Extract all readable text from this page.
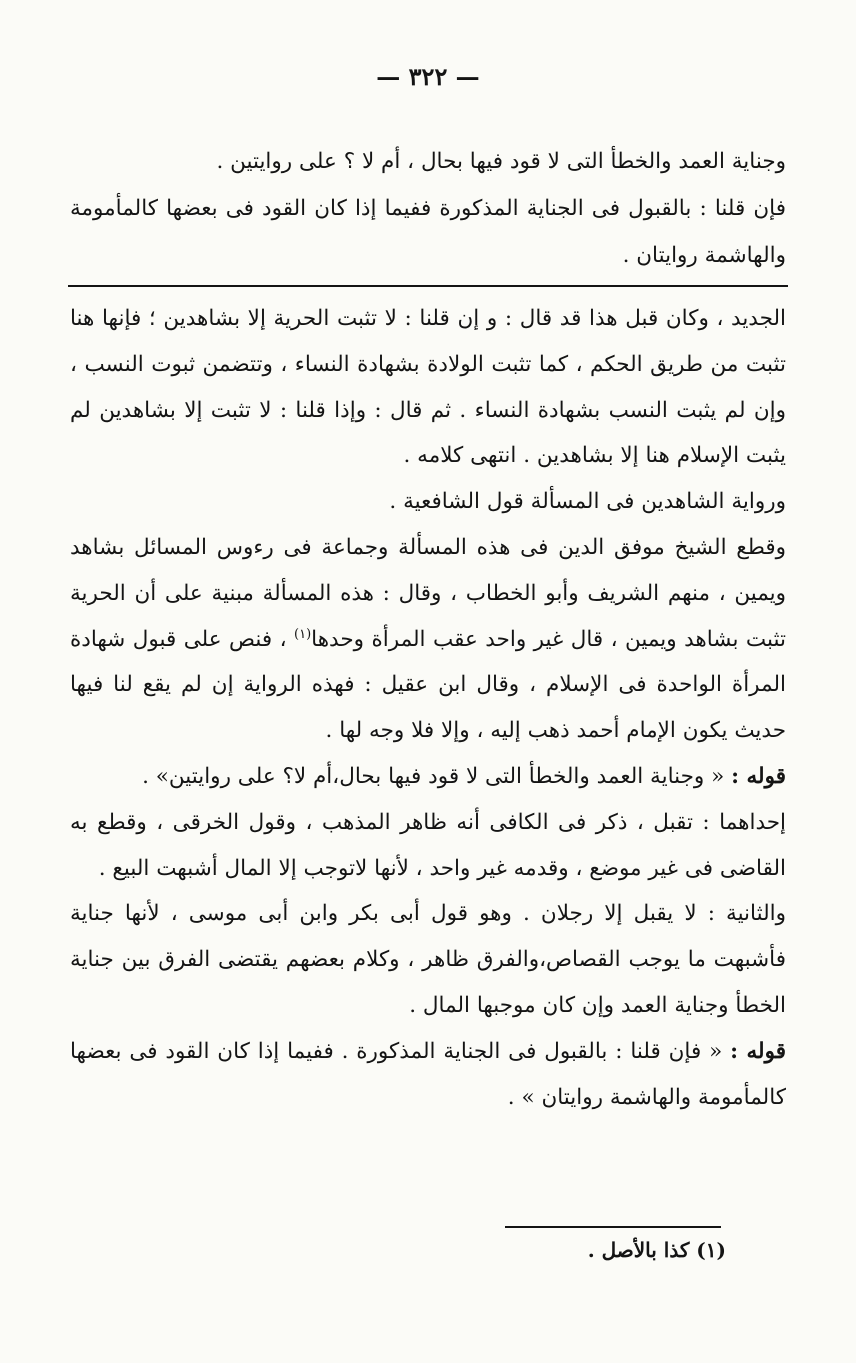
— ٣٢٢ —

وجناية العمد والخطأ التى لا قود فيها بحال ، أم لا ؟ على روايتين .

فإن قلنا : بالقبول فى الجناية المذكورة ففيما إذا كان القود فى بعضها كالمأمومة والهاشمة روايتان .

الجديد ، وكان قبل هذا قد قال : و إن قلنا : لا تثبت الحرية إلا بشاهدين ؛ فإنها هنا تثبت من طريق الحكم ، كما تثبت الولادة بشهادة النساء ، وتتضمن ثبوت النسب ، وإن لم يثبت النسب بشهادة النساء . ثم قال : وإذا قلنا : لا تثبت إلا بشاهدين لم يثبت الإسلام هنا إلا بشاهدين . انتهى كلامه .

ورواية الشاهدين فى المسألة قول الشافعية .

وقطع الشيخ موفق الدين فى هذه المسألة وجماعة فى رءوس المسائل بشاهد ويمين ، منهم الشريف وأبو الخطاب ، وقال : هذه المسألة مبنية على أن الحرية تثبت بشاهد ويمين ، قال غير واحد عقب المرأة وحدها$^{(١)}$ ، فنص على قبول شهادة المرأة الواحدة فى الإسلام ، وقال ابن عقيل : فهذه الرواية إن لم يقع لنا فيها حديث يكون الإمام أحمد ذهب إليه ، وإلا فلا وجه لها .

قوله : « وجناية العمد والخطأ التى لا قود فيها بحال،أم لا؟ على روايتين» .

إحداهما : تقبل ، ذكر فى الكافى أنه ظاهر المذهب ، وقول الخرقى ، وقطع به القاضى فى غير موضع ، وقدمه غير واحد ، لأنها لاتوجب إلا المال أشبهت البيع .

والثانية : لا يقبل إلا رجلان . وهو قول أبى بكر وابن أبى موسى ، لأنها جناية فأشبهت ما يوجب القصاص،والفرق ظاهر ، وكلام بعضهم يقتضى الفرق بين جناية الخطأ وجناية العمد وإن كان موجبها المال .

قوله : « فإن قلنا : بالقبول فى الجناية المذكورة . ففيما إذا كان القود فى بعضها كالمأمومة والهاشمة روايتان » .

(١) كذا بالأصل .
